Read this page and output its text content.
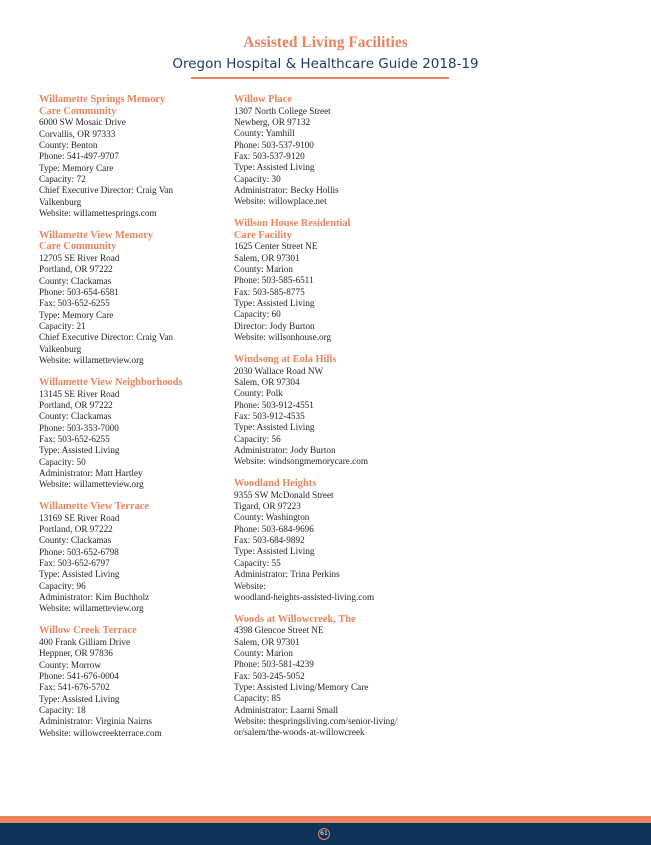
Assisted Living Facilities
Oregon Hospital & Healthcare Guide 2018-19
Willamette Springs Memory
Care Community
6000 SW Mosaic Drive
Corvallis, OR 97333
County: Benton
Phone: 541-497-9707
Type: Memory Care
Capacity: 72
Chief Executive Director: Craig Van
Valkenburg
Website: willamettesprings.com
Willamette View Memory
Care Community
12705 SE River Road
Portland, OR 97222
County: Clackamas
Phone: 503-654-6581
Fax: 503-652-6255
Type: Memory Care
Capacity: 21
Chief Executive Director: Craig Van
Valkenburg
Website: willametteview.org
Willamette View Neighborhoods
13145 SE River Road
Portland, OR 97222
County: Clackamas
Phone: 503-353-7000
Fax: 503-652-6255
Type: Assisted Living
Capacity: 50
Administrator: Matt Hartley
Website: willametteview.org
Willamette View Terrace
13169 SE River Road
Portland, OR 97222
County: Clackamas
Phone: 503-652-6798
Fax: 503-652-6797
Type: Assisted Living
Capacity: 96
Administrator: Kim Buchholz
Website: willametteview.org
Willow Creek Terrace
400 Frank Gilliam Drive
Heppner, OR 97836
County: Morrow
Phone: 541-676-0004
Fax: 541-676-5702
Type: Assisted Living
Capacity: 18
Administrator: Virginia Nairns
Website: willowcreekterrace.com
Willow Place
1307 North College Street
Newberg, OR 97132
County: Yamhill
Phone: 503-537-9100
Fax: 503-537-9120
Type: Assisted Living
Capacity: 30
Administrator: Becky Hollis
Website: willowplace.net
Willson House Residential
Care Facility
1625 Center Street NE
Salem, OR 97301
County: Marion
Phone: 503-585-6511
Fax: 503-585-8775
Type: Assisted Living
Capacity: 60
Director: Jody Burton
Website: willsonhouse.org
Windsong at Eola Hills
2030 Wallace Road NW
Salem, OR 97304
County: Polk
Phone: 503-912-4551
Fax: 503-912-4535
Type: Assisted Living
Capacity: 56
Administrator: Jody Burton
Website: windsongmemorycare.com
Woodland Heights
9355 SW McDonald Street
Tigard, OR 97223
County: Washington
Phone: 503-684-9696
Fax: 503-684-9892
Type: Assisted Living
Capacity: 55
Administrator: Trina Perkins
Website:
woodland-heights-assisted-living.com
Woods at Willowcreek, The
4398 Glencoe Street NE
Salem, OR 97301
County: Marion
Phone: 503-581-4239
Fax: 503-245-5052
Type: Assisted Living/Memory Care
Capacity: 85
Administrator: Laarni Small
Website: thespringsliving.com/senior-living/
or/salem/the-woods-at-willowcreek
61
